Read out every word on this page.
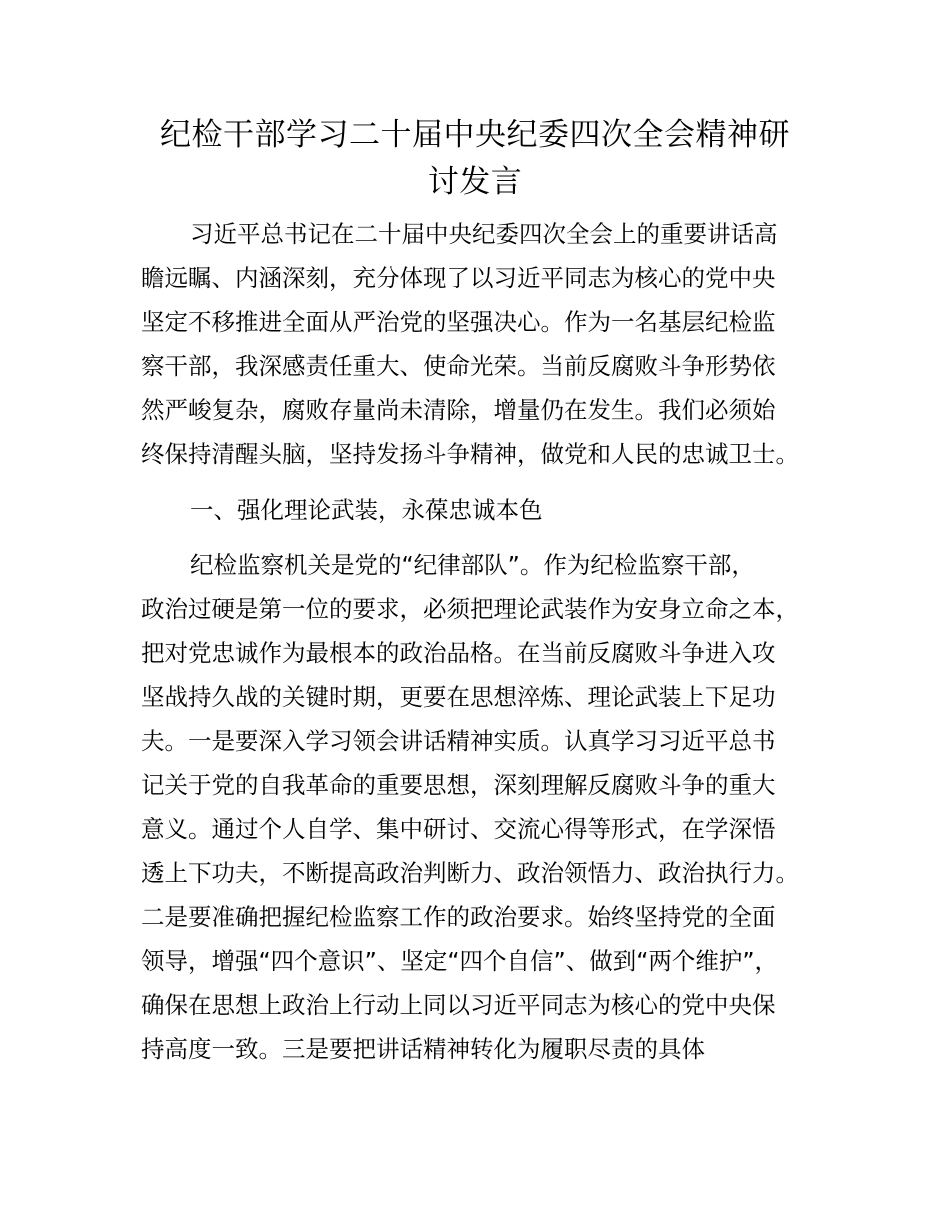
纪检干部学习二十届中央纪委四次全会精神研
讨发言
习近平总书记在二十届中央纪委四次全会上的重要讲话高
瞻远瞩、内涵深刻，充分体现了以习近平同志为核心的党中央
坚定不移推进全面从严治党的坚强决心。作为一名基层纪检监
察干部，我深感责任重大、使命光荣。当前反腐败斗争形势依
然严峻复杂，腐败存量尚未清除，增量仍在发生。我们必须始
终保持清醒头脑，坚持发扬斗争精神，做党和人民的忠诚卫士。
一、强化理论武装，永葆忠诚本色
纪检监察机关是党的“纪律部队”。作为纪检监察干部，
政治过硬是第一位的要求，必须把理论武装作为安身立命之本，
把对党忠诚作为最根本的政治品格。在当前反腐败斗争进入攻
坚战持久战的关键时期，更要在思想淬炼、理论武装上下足功
夫。一是要深入学习领会讲话精神实质。认真学习习近平总书
记关于党的自我革命的重要思想，深刻理解反腐败斗争的重大
意义。通过个人自学、集中研讨、交流心得等形式，在学深悟
透上下功夫，不断提高政治判断力、政治领悟力、政治执行力。
二是要准确把握纪检监察工作的政治要求。始终坚持党的全面
领导，增强“四个意识”、坚定“四个自信”、做到“两个维护”，
确保在思想上政治上行动上同以习近平同志为核心的党中央保
持高度一致。三是要把讲话精神转化为履职尽责的具体
